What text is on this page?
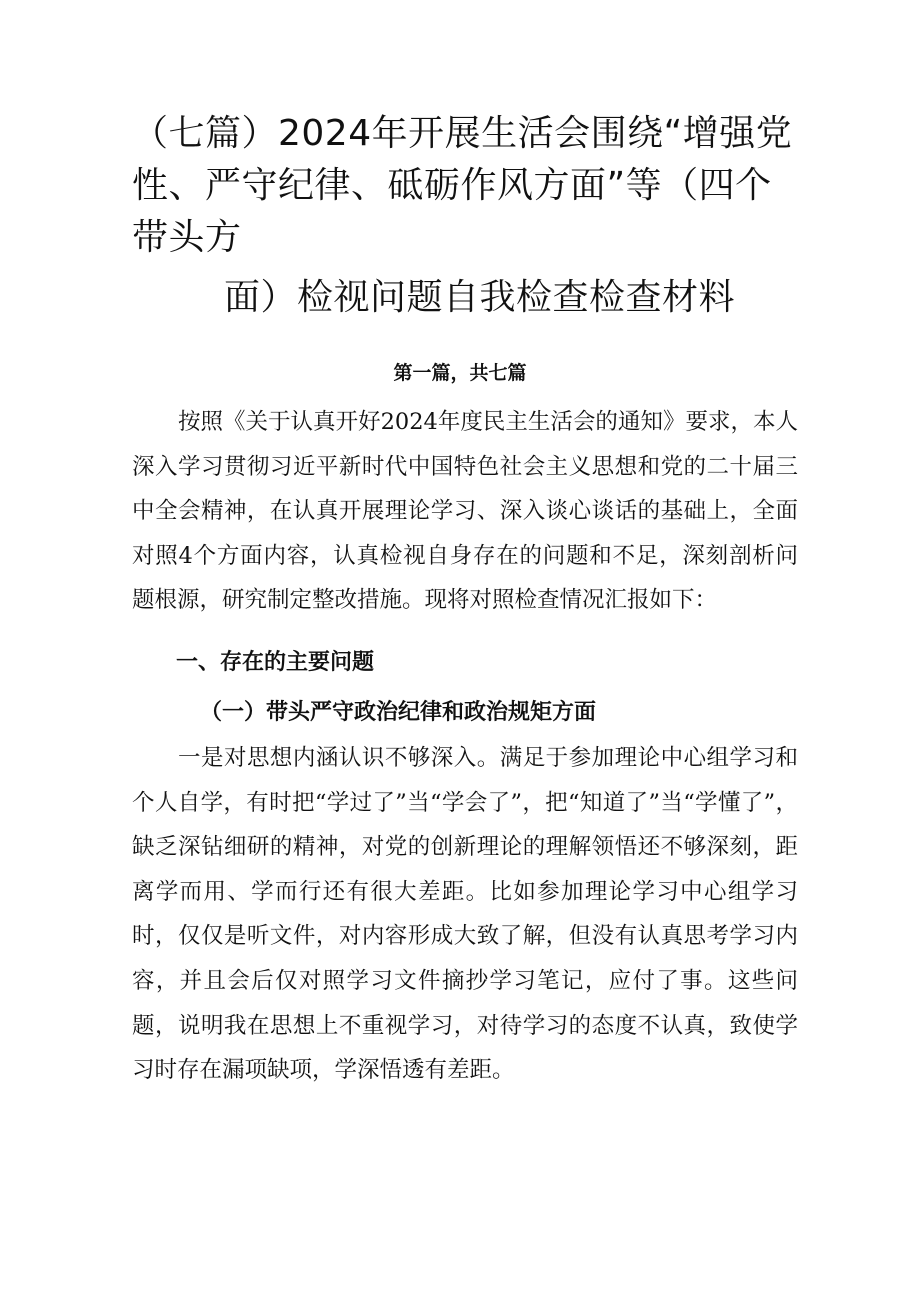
（七篇）2024年开展生活会围绕“增强党性、严守纪律、砥砺作风方面”等（四个带头方
面）检视问题自我检查检查材料
第一篇，共七篇

按照《关于认真开好2024年度民主生活会的通知》要求，本人深入学习贯彻习近平新时代中国特色社会主义思想和党的二十届三中全会精神，在认真开展理论学习、深入谈心谈话的基础上，全面对照4个方面内容，认真检视自身存在的问题和不足，深刻剖析问题根源，研究制定整改措施。现将对照检查情况汇报如下：

一、存在的主要问题
（一）带头严守政治纪律和政治规矩方面

一是对思想内涵认识不够深入。满足于参加理论中心组学习和个人自学，有时把“学过了”当“学会了”，把“知道了”当“学懂了”，缺乏深钻细研的精神，对党的创新理论的理解领悟还不够深刻，距离学而用、学而行还有很大差距。比如参加理论学习中心组学习时，仅仅是听文件，对内容形成大致了解，但没有认真思考学习内容，并且会后仅对照学习文件摘抄学习笔记，应付了事。这些问题，说明我在思想上不重视学习，对待学习的态度不认真，致使学习时存在漏项缺项，学深悟透有差距。
